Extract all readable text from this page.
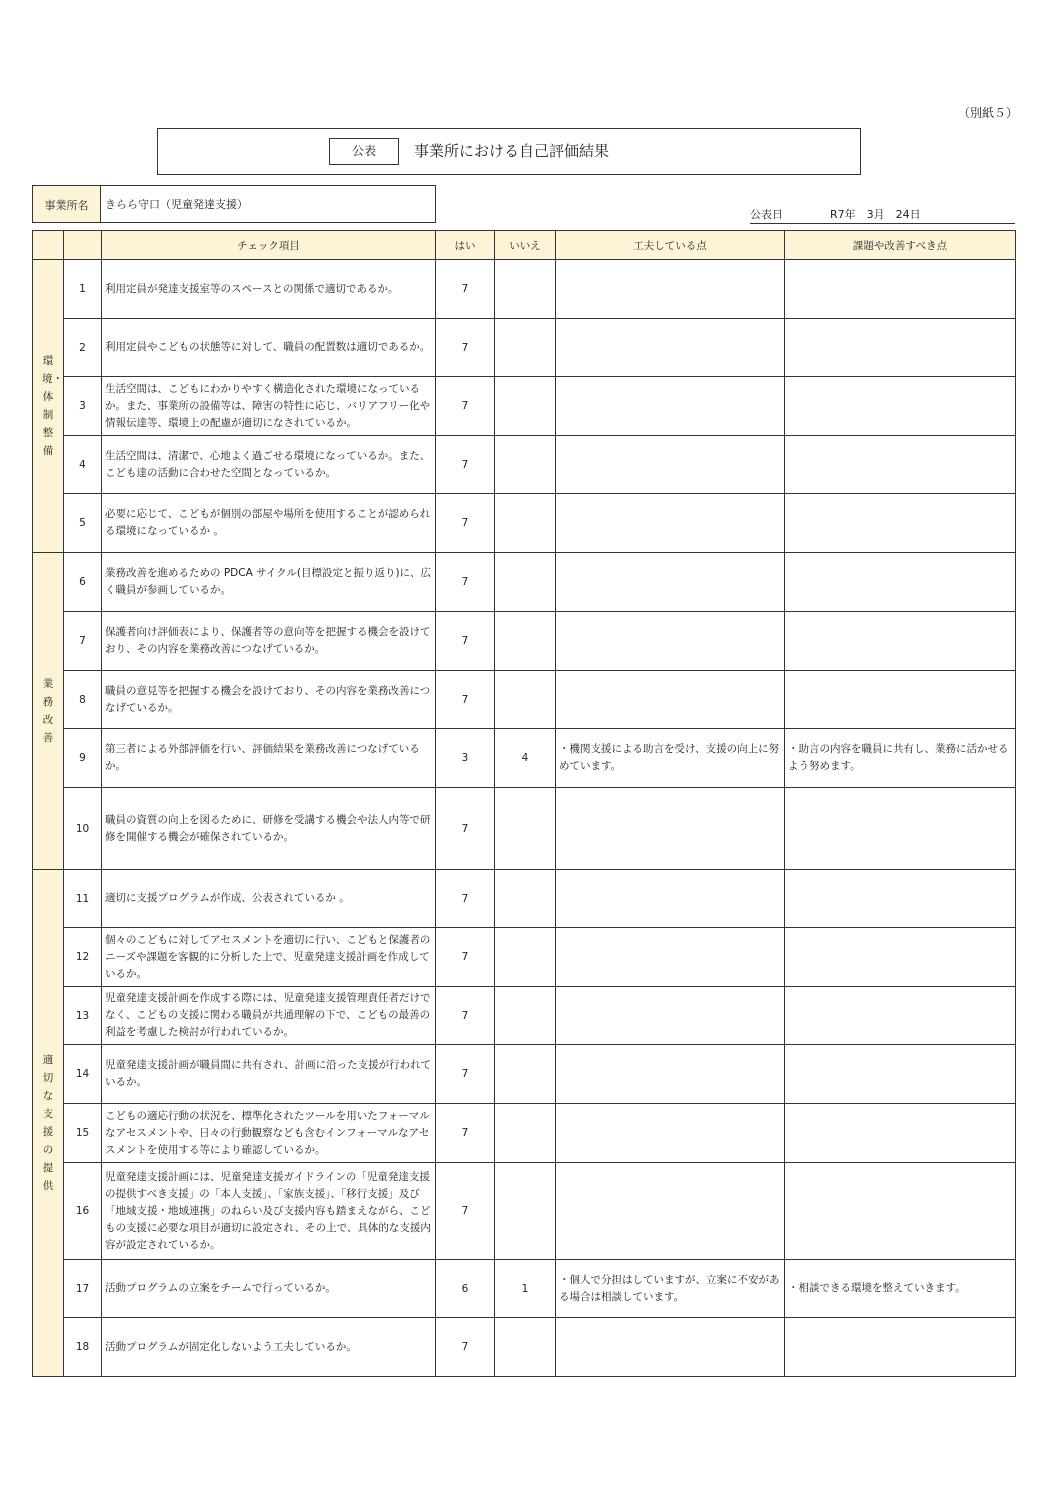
（別紙５）
公表	事業所における自己評価結果
事業所名	きらら守口（児童発達支援）
公表日	R7年　3月　24日
		チェック項目	はい	いいえ	工夫している点	課題や改善すべき点
環境・体制整備	1	利用定員が発達支援室等のスペースとの関係で適切であるか。	7			
	2	利用定員やこどもの状態等に対して、職員の配置数は適切であるか。	7			
	3	生活空間は、こどもにわかりやすく構造化された環境になっているか。また、事業所の設備等は、障害の特性に応じ、バリアフリー化や情報伝達等、環境上の配慮が適切になされているか。	7			
	4	生活空間は、清潔で、心地よく過ごせる環境になっているか。また、こども達の活動に合わせた空間となっているか。	7			
	5	必要に応じて、こどもが個別の部屋や場所を使用することが認められる環境になっているか 。	7			
業務改善	6	業務改善を進めるための PDCA サイクル(目標設定と振り返り)に、広く職員が参画しているか。	7			
	7	保護者向け評価表により、保護者等の意向等を把握する機会を設けており、その内容を業務改善につなげているか。	7			
	8	職員の意見等を把握する機会を設けており、その内容を業務改善につなげているか。	7			
	9	第三者による外部評価を行い、評価結果を業務改善につなげているか。	3	4	・機関支援による助言を受け、支援の向上に努めています。	・助言の内容を職員に共有し、業務に活かせるよう努めます。
	10	職員の資質の向上を図るために、研修を受講する機会や法人内等で研修を開催する機会が確保されているか。	7			
適切な支援の提供	11	適切に支援プログラムが作成、公表されているか 。	7			
	12	個々のこどもに対してアセスメントを適切に行い、こどもと保護者のニーズや課題を客観的に分析した上で、児童発達支援計画を作成しているか。	7			
	13	児童発達支援計画を作成する際には、児童発達支援管理責任者だけでなく、こどもの支援に関わる職員が共通理解の下で、こどもの最善の利益を考慮した検討が行われているか。	7			
	14	児童発達支援計画が職員間に共有され、計画に沿った支援が行われているか。	7			
	15	こどもの適応行動の状況を、標準化されたツールを用いたフォーマルなアセスメントや、日々の行動観察なども含むインフォーマルなアセスメントを使用する等により確認しているか。	7			
	16	児童発達支援計画には、児童発達支援ガイドラインの「児童発達支援の提供すべき支援」の「本人支援」、「家族支援」、「移行支援」及び「地域支援・地域連携」のねらい及び支援内容も踏まえながら、こどもの支援に必要な項目が適切に設定され、その上で、具体的な支援内容が設定されているか。	7			
	17	活動プログラムの立案をチームで行っているか。	6	1	・個人で分担はしていますが、立案に不安がある場合は相談しています。	・相談できる環境を整えていきます。
	18	活動プログラムが固定化しないよう工夫しているか。	7			
